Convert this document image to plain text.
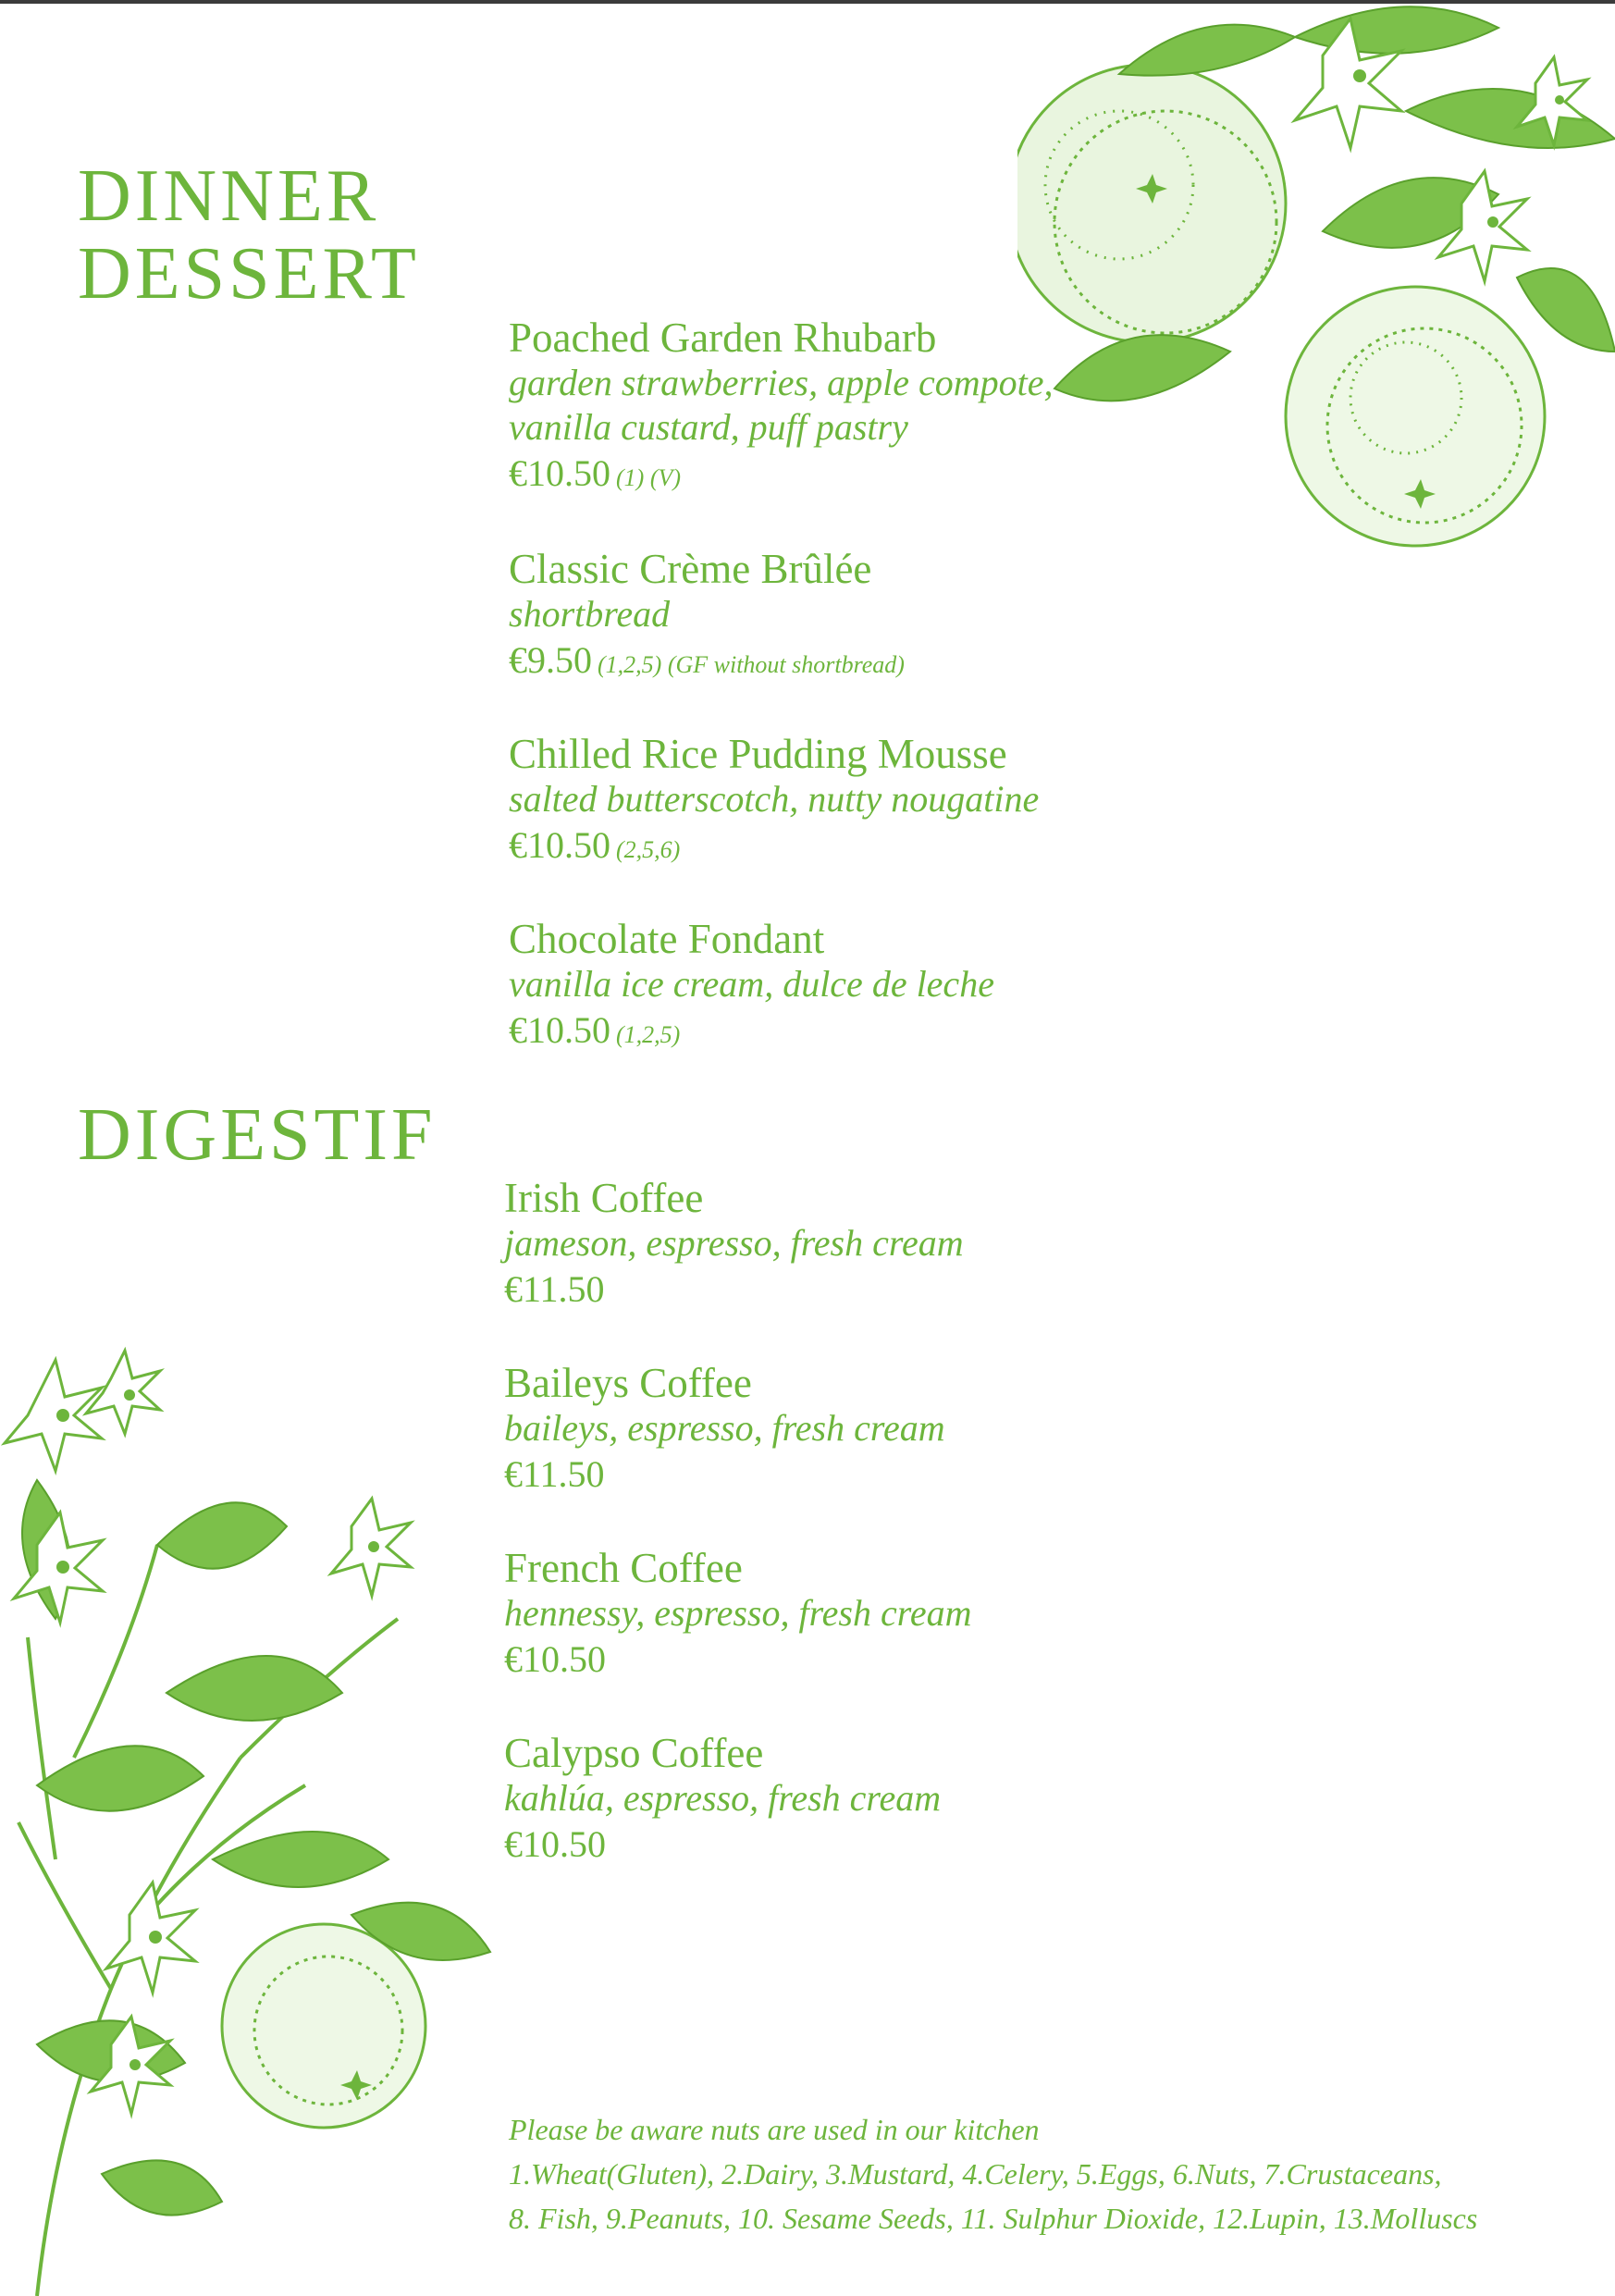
DINNER
DESSERT
Poached Garden Rhubarb
garden strawberries, apple compote,
vanilla custard, puff pastry
€10.50 (1) (V)
Classic Crème Brûlée
shortbread
€9.50 (1,2,5) (GF without shortbread)
Chilled Rice Pudding Mousse
salted butterscotch, nutty nougatine
€10.50 (2,5,6)
Chocolate Fondant
vanilla ice cream, dulce de leche
€10.50 (1,2,5)
DIGESTIF
Irish Coffee
jameson, espresso, fresh cream
€11.50
Baileys Coffee
baileys, espresso, fresh cream
€11.50
French Coffee
hennessy, espresso, fresh cream
€10.50
Calypso Coffee
kahlúa, espresso, fresh cream
€10.50
Please be aware nuts are used in our kitchen
1.Wheat(Gluten), 2.Dairy, 3.Mustard, 4.Celery, 5.Eggs, 6.Nuts, 7.Crustaceans,
8. Fish, 9.Peanuts, 10. Sesame Seeds, 11. Sulphur Dioxide, 12.Lupin, 13.Molluscs
